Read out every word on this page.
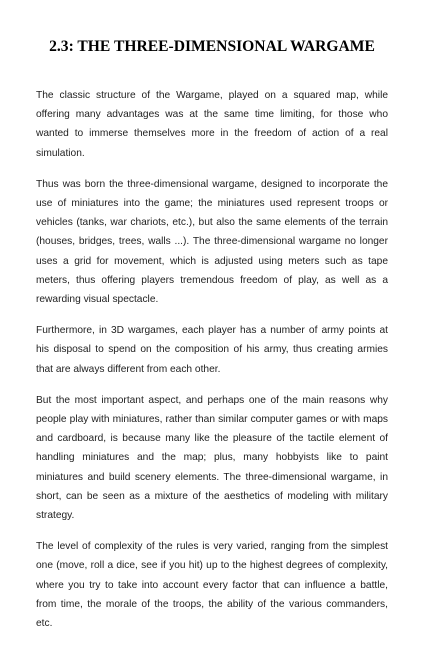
2.3: THE THREE-DIMENSIONAL WARGAME

The classic structure of the Wargame, played on a squared map, while offering many advantages was at the same time limiting, for those who wanted to immerse themselves more in the freedom of action of a real simulation.

Thus was born the three-dimensional wargame, designed to incorporate the use of miniatures into the game; the miniatures used represent troops or vehicles (tanks, war chariots, etc.), but also the same elements of the terrain (houses, bridges, trees, walls ...). The three-dimensional wargame no longer uses a grid for movement, which is adjusted using meters such as tape meters, thus offering players tremendous freedom of play, as well as a rewarding visual spectacle.

Furthermore, in 3D wargames, each player has a number of army points at his disposal to spend on the composition of his army, thus creating armies that are always different from each other.

But the most important aspect, and perhaps one of the main reasons why people play with miniatures, rather than similar computer games or with maps and cardboard, is because many like the pleasure of the tactile element of handling miniatures and the map; plus, many hobbyists like to paint miniatures and build scenery elements. The three-dimensional wargame, in short, can be seen as a mixture of the aesthetics of modeling with military strategy.

The level of complexity of the rules is very varied, ranging from the simplest one (move, roll a dice, see if you hit) up to the highest degrees of complexity, where you try to take into account every factor that can influence a battle, from time, the morale of the troops, the ability of the various commanders, etc.
